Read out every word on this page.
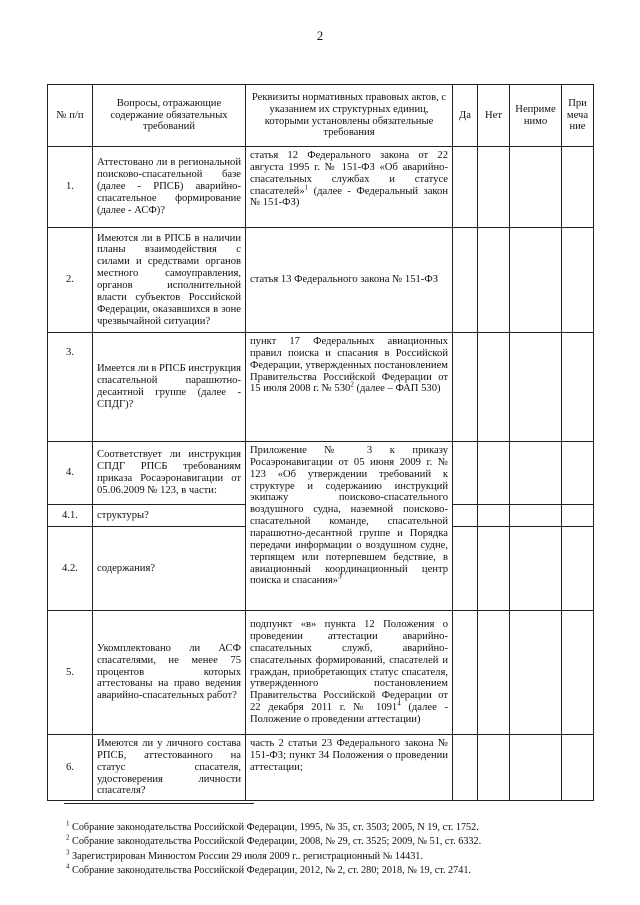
2
№ п/п	Вопросы, отражающие содержание обязательных требований	Реквизиты нормативных правовых актов, с указанием их структурных единиц, которыми установлены обязательные требования	Да	Нет	Неприменимо	Примечание
1.	Аттестовано ли в региональной поисково-спасательной базе (далее - РПСБ) аварийно-спасательное формирование (далее - АСФ)?	статья 12 Федерального закона от 22 августа 1995 г. № 151-ФЗ «Об аварийно-спасательных службах и статусе спасателей»$^1$ (далее - Федеральный закон № 151-ФЗ)				
2.	Имеются ли в РПСБ в наличии планы взаимодействия с силами и средствами органов местного самоуправления, органов исполнительной власти субъектов Российской Федерации, оказавшихся в зоне чрезвычайной ситуации?	статья 13 Федерального закона № 151-ФЗ				
3.	Имеется ли в РПСБ инструкция спасательной парашютно-десантной группе (далее - СПДГ)?	пункт 17 Федеральных авиационных правил поиска и спасания в Российской Федерации, утвержденных постановлением Правительства Российской Федерации от 15 июля 2008 г. № $530^2$ (далее – ФАП 530)				
4.	Соответствует ли инструкция СПДГ РПСБ требованиям приказа Росаэронавигации от 05.06.2009 № 123, в части:	Приложение № 3 к приказу Росаэронавигации от 05 июня 2009 г. № 123 «Об утверждении требований к структуре и содержанию инструкций экипажу поисково-спасательного воздушного судна, наземной поисково-спасательной команде, спасательной парашютно-десантной группе и Порядка передачи информации о воздушном судне, терпящем или потерпевшем бедствие, в авиационный координационный центр поиска и спасания»$^3$				
4.1.	структуры?					
4.2.	содержания?					
5.	Укомплектовано ли АСФ спасателями, не менее 75 процентов которых аттестованы на право ведения аварийно-спасательных работ?	подпункт «в» пункта 12 Положения о проведении аттестации аварийно-спасательных служб, аварийно-спасательных формирований, спасателей и граждан, приобретающих статус спасателя, утвержденного постановлением Правительства Российской Федерации от 22 декабря 2011 г. № 1091$^4$ (далее - Положение о проведении аттестации)				
6.	Имеются ли у личного состава РПСБ, аттестованного на статус спасателя, удостоверения личности спасателя?	часть 2 статьи 23 Федерального закона № 151-ФЗ; пункт 34 Положения о проведении аттестации;				
$^1$ Собрание законодательства Российской Федерации, 1995, № 35, ст. 3503; 2005, N 19, ст. 1752.
$^2$ Собрание законодательства Российской Федерации, 2008, № 29, ст. 3525; 2009, № 51, ст. 6332.
$^3$ Зарегистрирован Минюстом России 29 июля 2009 г.. регистрационный № 14431.
$^4$ Собрание законодательства Российской Федерации, 2012, № 2, ст. 280; 2018, № 19, ст. 2741.
